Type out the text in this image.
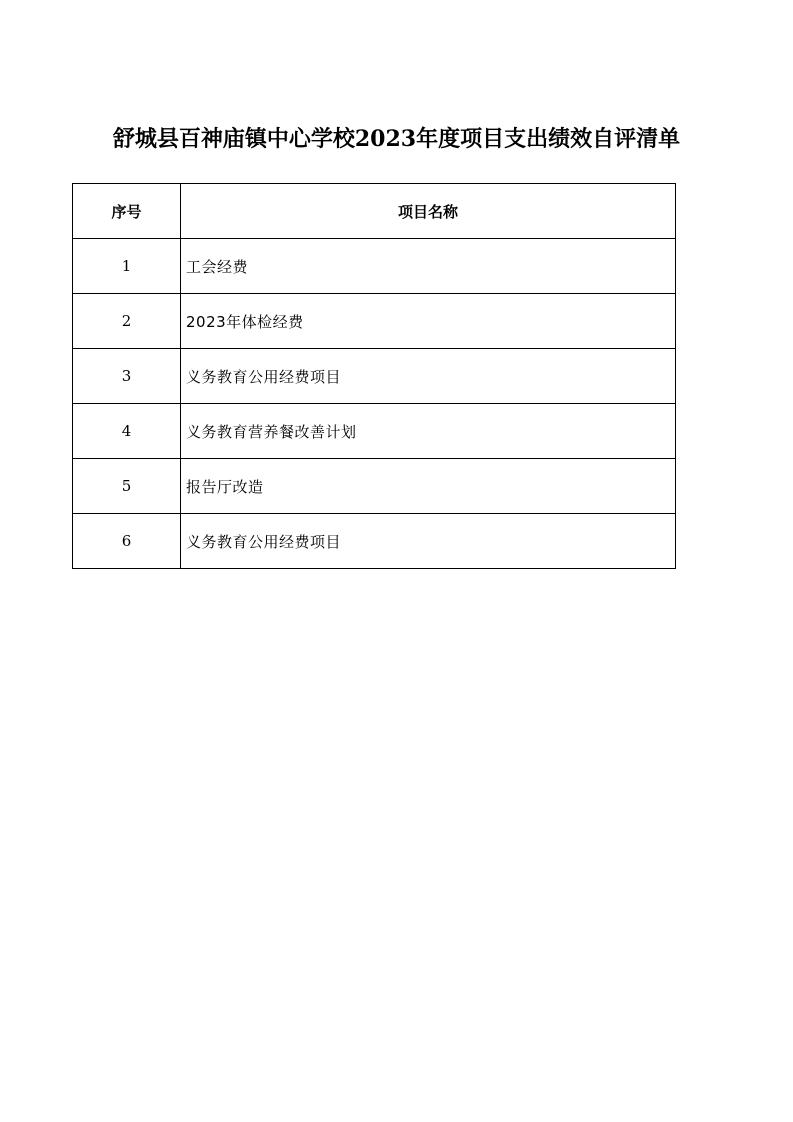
舒城县百神庙镇中心学校2023年度项目支出绩效自评清单
序号	项目名称
1	工会经费
2	2023年体检经费
3	义务教育公用经费项目
4	义务教育营养餐改善计划
5	报告厅改造
6	义务教育公用经费项目
